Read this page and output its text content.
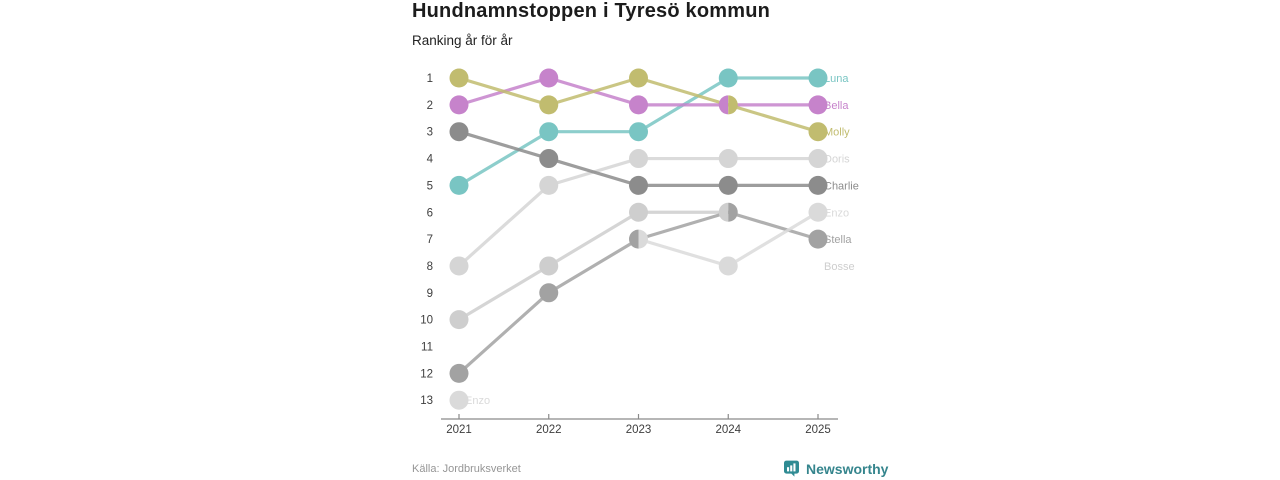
Hundnamnstoppen i Tyresö kommun
Ranking år för år
1
2
3
4
5
6
7
8
9
10
11
12
13
2021	2022	2023	2024	2025
Luna
Bella
Molly
Doris
Charlie
Bosse
Stella
Enzo
Enzo
Källa: Jordbruksverket	Newsworthy
